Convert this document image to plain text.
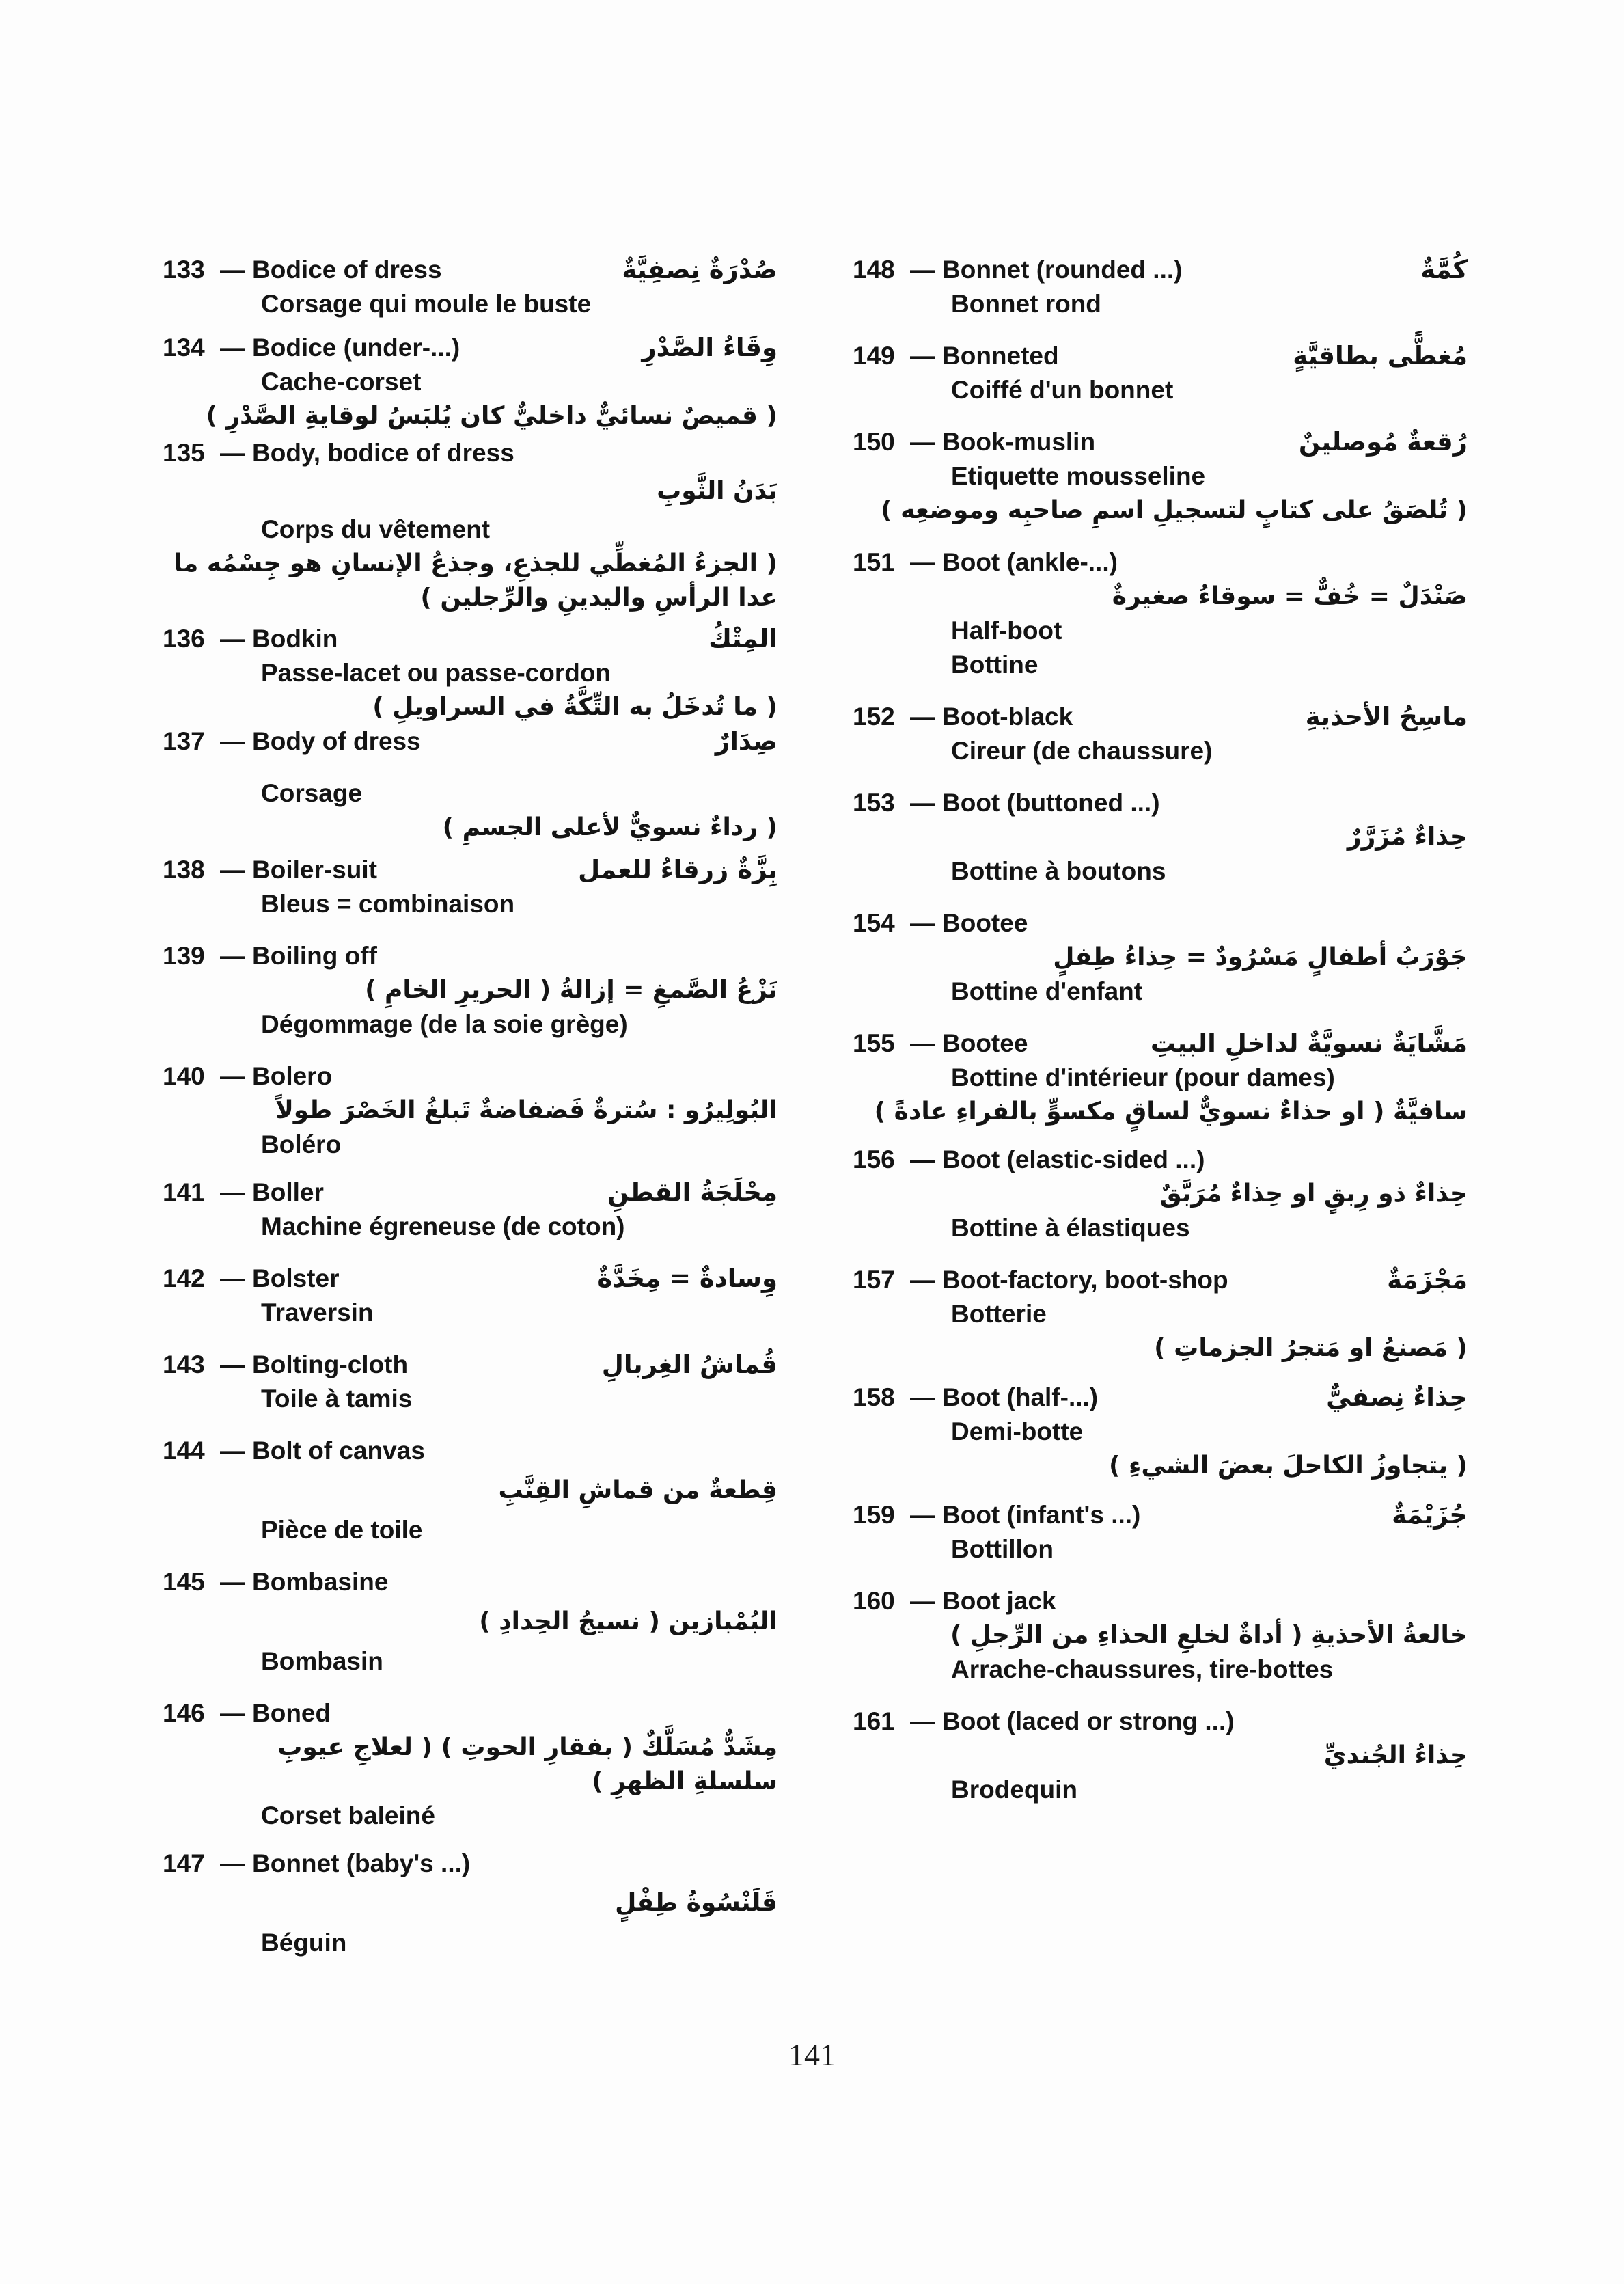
133 — Bodice of dress	صُدْرَةٌ نِصفِيَّةٌ
Corsage qui moule le buste
134 — Bodice (under-...)	وِقَاءُ الصَّدْرِ
Cache-corset
( قميصٌ نسائيٌّ داخليٌّ كان يُلبَسُ لوقايةِ الصَّدْرِ )
135 — Body, bodice of dress
بَدَنُ الثَّوبِ
Corps du vêtement
( الجزءُ المُغطِّي للجذعِ، وجذعُ الإنسانِ هو جِسْمُه ما عدا الرأسِ واليدينِ والرِّجلين )
136 — Bodkin	المِتْكُ
Passe-lacet ou passe-cordon
( ما تُدخَلُ به التِّكَّةُ في السراويلِ )
137 — Body of dress	صِدَارٌ
Corsage
( رداءٌ نسويٌّ لأعلى الجسمِ )
138 — Boiler-suit	بِزَّةٌ زرقاءُ للعمل
Bleus = combinaison
139 — Boiling off
نَزْعُ الصَّمغِ = إزالةُ ( الحريرِ الخامِ )
Dégommage (de la soie grège)
140 — Bolero
البُولِيرُو : سُترةٌ فَضفاضةٌ تَبلغُ الخَصْرَ طولاً
Boléro
141 — Boller	مِحْلَجَةُ القطنِ
Machine égreneuse (de coton)
142 — Bolster	وِسادةٌ = مِخَدَّةٌ
Traversin
143 — Bolting-cloth	قُماشُ الغِربالِ
Toile à tamis
144 — Bolt of canvas
قِطعةٌ من قماشِ القِنَّبِ
Pièce de toile
145 — Bombasine
البُمْبازين ( نسيجُ الحِدادِ )
Bombasin
146 — Boned
مِشَدٌّ مُسَلَّكٌ ( بفقارِ الحوتِ ) ( لعلاجِ عيوبِ سلسلةِ الظهرِ )
Corset baleiné
147 — Bonnet (baby's ...)
قَلَنْسُوةُ طِفْلٍ
Béguin
148 — Bonnet (rounded ...)	كُمَّةٌ
Bonnet rond
149 — Bonneted	مُغطًّى بطاقيَّةٍ
Coiffé d'un bonnet
150 — Book-muslin	رُقعةٌ مُوصلينٌ
Etiquette mousseline
( تُلصَقُ على كتابٍ لتسجيلِ اسمِ صاحبِه وموضعِه )
151 — Boot (ankle-...)
صَنْدَلٌ = خُفٌّ = سوقاءُ صغيرةٌ
Half-boot
Bottine
152 — Boot-black	ماسِحُ الأحذيةِ
Cireur (de chaussure)
153 — Boot (buttoned ...)
حِذاءٌ مُزَرَّرٌ
Bottine à boutons
154 — Bootee
جَوْرَبُ أطفالٍ مَسْرُودٌ = حِذاءُ طِفلٍ
Bottine d'enfant
155 — Bootee	مَشَّايَةٌ نسويَّةٌ لداخلِ البيتِ
Bottine d'intérieur (pour dames)
سافيَّةٌ ( او حذاءٌ نسويٌّ لساقٍ مكسوٍّ بالفراءِ عادةً )
156 — Boot (elastic-sided ...)
حِذاءٌ ذو رِبقٍ او حِذاءٌ مُرَبَّقٌ
Bottine à élastiques
157 — Boot-factory, boot-shop	مَجْزَمَةٌ
Botterie
( مَصنعُ او مَتجرُ الجزماتِ )
158 — Boot (half-...)	حِذاءٌ نِصفيٌّ
Demi-botte
( يتجاوزُ الكاحلَ بعضَ الشيءِ )
159 — Boot (infant's ...)	جُزَيْمَةٌ
Bottillon
160 — Boot jack
خالعةُ الأحذيةِ ( أداةٌ لخلعِ الحذاءِ من الرِّجلِ )
Arrache-chaussures, tire-bottes
161 — Boot (laced or strong ...)
حِذاءُ الجُنديِّ
Brodequin
141
